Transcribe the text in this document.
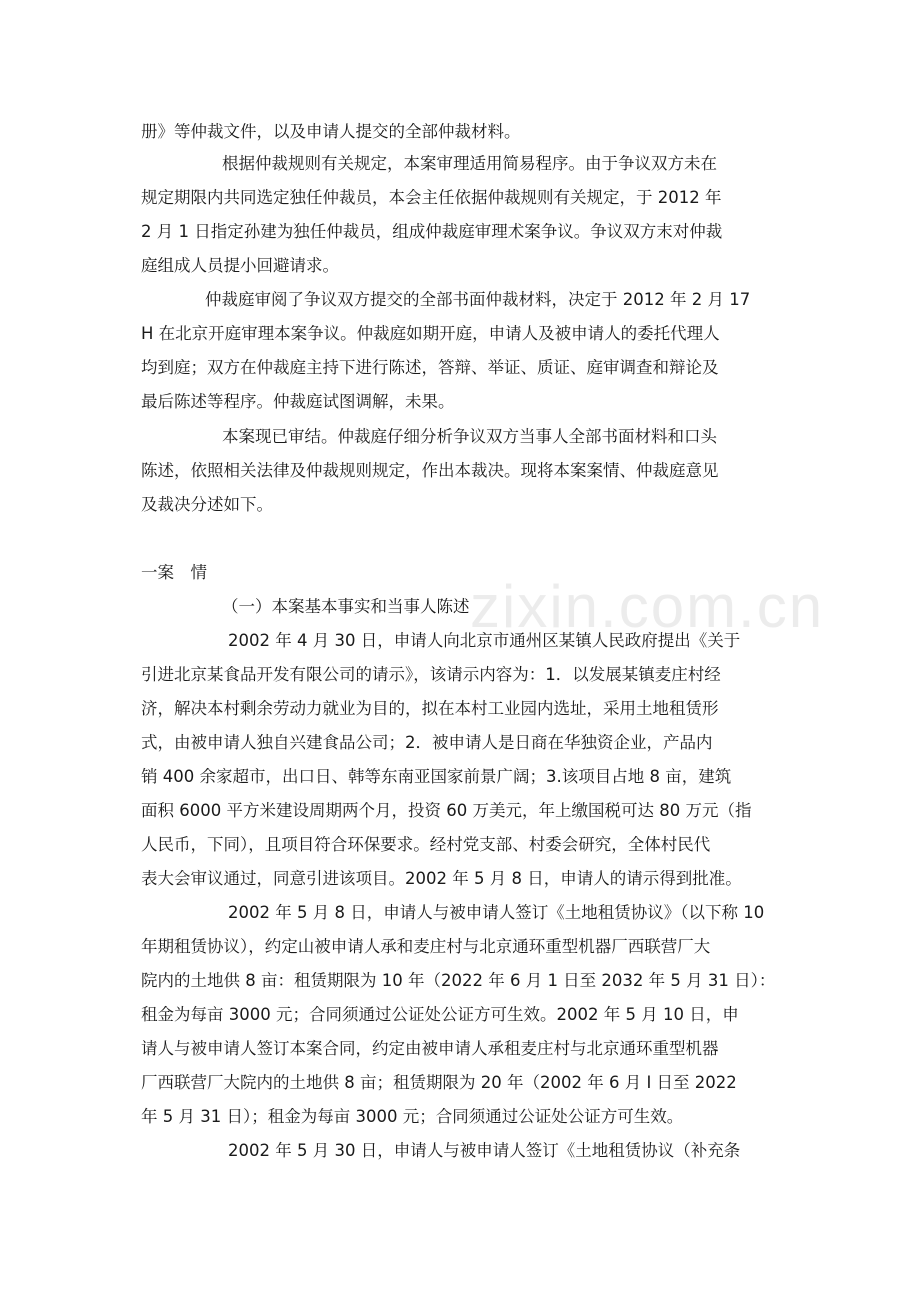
zixin.com.cn
册》等仲裁文件，以及申请人提交的全部仲裁材料。
根据仲裁规则有关规定，本案审理适用简易程序。由于争议双方未在
规定期限内共同选定独任仲裁员，本会主任依据仲裁规则有关规定，于 2012 年
2 月 1 日指定孙建为独任仲裁员，组成仲裁庭审理术案争议。争议双方末对仲裁
庭组成人员提小回避请求。
仲裁庭审阅了争议双方提交的全部书面仲裁材料，决定于 2012 年 2 月 17
H 在北京开庭审理本案争议。仲裁庭如期开庭，申请人及被申请人的委托代理人
均到庭；双方在仲裁庭主持下进行陈述，答辩、举证、质证、庭审调查和辩论及
最后陈述等程序。仲裁庭试图调解，未果。
本案现已审结。仲裁庭仔细分析争议双方当事人全部书面材料和口头
陈述，依照相关法律及仲裁规则规定，作出本裁决。现将本案案情、仲裁庭意见
及裁决分述如下。
一案　情
（一）本案基本事实和当事人陈述
2002 年 4 月 30 日，申请人向北京市通州区某镇人民政府提出《关于
引进北京某食品开发有限公司的请示》，该请示内容为：1．以发展某镇麦庄村经
济，解决本村剩余劳动力就业为目的，拟在本村工业园内选址，采用土地租赁形
式，由被申请人独自兴建食品公司；2．被申请人是日商在华独资企业，产品内
销 400 余家超市，出口日、韩等东南亚国家前景广阔；3.该项目占地 8 亩，建筑
面积 6000 平方米建设周期两个月，投资 60 万美元，年上缴国税可达 80 万元（指
人民币，下同），且项目符合环保要求。经村党支部、村委会研究，全体村民代
表大会审议通过，同意引进该项目。2002 年 5 月 8 日，申请人的请示得到批准。
2002 年 5 月 8 日，申请人与被申请人签订《土地租赁协议》（以下称 10
年期租赁协议），约定山被申请人承和麦庄村与北京通环重型机器厂西联营厂大
院内的土地供 8 亩：租赁期限为 10 年（2022 年 6 月 1 日至 2032 年 5 月 31 日）：
租金为每亩 3000 元；合同须通过公证处公证方可生效。2002 年 5 月 10 日，申
请人与被申请人签订本案合同，约定由被申请人承租麦庄村与北京通环重型机器
厂西联营厂大院内的土地供 8 亩；租赁期限为 20 年（2002 年 6 月 I 日至 2022
年 5 月 31 日）；租金为每亩 3000 元；合同须通过公证处公证方可生效。
2002 年 5 月 30 日，申请人与被申请人签订《土地租赁协议（补充条
